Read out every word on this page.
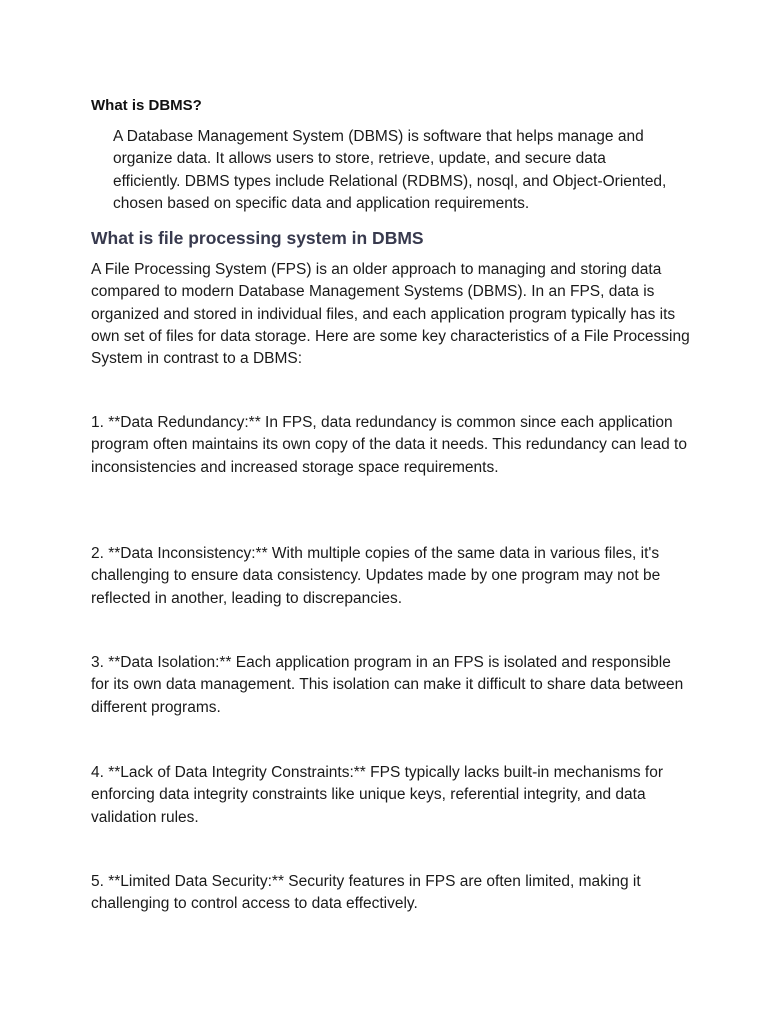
What is DBMS?
A Database Management System (DBMS) is software that helps manage and organize data. It allows users to store, retrieve, update, and secure data efficiently. DBMS types include Relational (RDBMS), nosql, and Object-Oriented, chosen based on specific data and application requirements.
What is file processing system in DBMS
A File Processing System (FPS) is an older approach to managing and storing data compared to modern Database Management Systems (DBMS). In an FPS, data is organized and stored in individual files, and each application program typically has its own set of files for data storage. Here are some key characteristics of a File Processing System in contrast to a DBMS:
1. **Data Redundancy:** In FPS, data redundancy is common since each application program often maintains its own copy of the data it needs. This redundancy can lead to inconsistencies and increased storage space requirements.
2. **Data Inconsistency:** With multiple copies of the same data in various files, it's challenging to ensure data consistency. Updates made by one program may not be reflected in another, leading to discrepancies.
3. **Data Isolation:** Each application program in an FPS is isolated and responsible for its own data management. This isolation can make it difficult to share data between different programs.
4. **Lack of Data Integrity Constraints:** FPS typically lacks built-in mechanisms for enforcing data integrity constraints like unique keys, referential integrity, and data validation rules.
5. **Limited Data Security:** Security features in FPS are often limited, making it challenging to control access to data effectively.
